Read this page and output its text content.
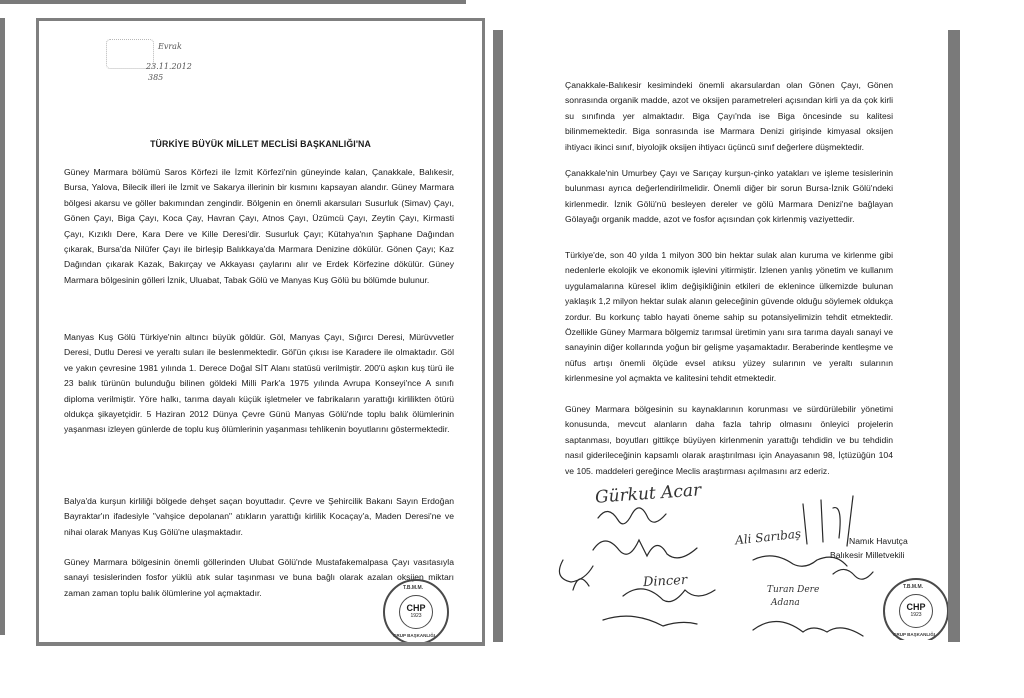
Evrak
23.11.2012
385
TÜRKİYE BÜYÜK MİLLET MECLİSİ BAŞKANLIĞI'NA

Güney Marmara bölümü Saros Körfezi ile İzmit Körfezi'nin güneyinde kalan, Çanakkale, Balıkesir, Bursa, Yalova, Bilecik illeri ile İzmit ve Sakarya illerinin bir kısmını kapsayan alandır. Güney Marmara bölgesi akarsu ve göller bakımından zengindir. Bölgenin en önemli akarsuları Susurluk (Simav) Çayı, Gönen Çayı, Biga Çayı, Koca Çay, Havran Çayı, Atnos Çayı, Üzümcü Çayı, Zeytin Çayı, Kirmasti Çayı, Kızıklı Dere, Kara Dere ve Kille Deresi'dir. Susurluk Çayı; Kütahya'nın Şaphane Dağından çıkarak, Bursa'da Nilüfer Çayı ile birleşip Balıkkaya'da Marmara Denizine dökülür. Gönen Çayı; Kaz Dağından çıkarak Kazak, Bakırçay ve Akkayası çaylarını alır ve Erdek Körfezine dökülür. Güney Marmara bölgesinin gölleri İznik, Uluabat, Tabak Gölü ve Manyas Kuş Gölü bu bölümde bulunur.

Manyas Kuş Gölü Türkiye'nin altıncı büyük göldür. Göl, Manyas Çayı, Sığırcı Deresi, Mürüvvetler Deresi, Dutlu Deresi ve yeraltı suları ile beslenmektedir. Göl'ün çıkısı ise Karadere ile olmaktadır. Göl ve yakın çevresine 1981 yılında 1. Derece Doğal SİT Alanı statüsü verilmiştir. 200'ü aşkın kuş türü ile 23 balık türünün bulunduğu bilinen göldeki Milli Park'a 1975 yılında Avrupa Konseyi'nce A sınıfı diploma verilmiştir. Yöre halkı, tarıma dayalı küçük işletmeler ve fabrikaların yarattığı kirlilikten ötürü oldukça şikayetçidir. 5 Haziran 2012 Dünya Çevre Günü Manyas Gölü'nde toplu balık ölümlerinin yaşanması izleyen günlerde de toplu kuş ölümlerinin yaşanması tehlikenin boyutlarını göstermektedir.

Balya'da kurşun kirliliği bölgede dehşet saçan boyuttadır. Çevre ve Şehircilik Bakanı Sayın Erdoğan Bayraktar'ın ifadesiyle "vahşice depolanan" atıkların yarattığı kirlilik Kocaçay'a, Maden Deresi'ne ve nihai olarak Manyas Kuş Gölü'ne ulaşmaktadır.

Güney Marmara bölgesinin önemli göllerinden Ulubat Gölü'nde Mustafakemalpasa Çayı vasıtasıyla sanayi tesislerinden fosfor yüklü atık sular taşınması ve buna bağlı olarak azalan oksijen miktarı zaman zaman toplu balık ölümlerine yol açmaktadır.	T.B.M.M.
GRUP BAŞKANLIĞI
CHP
1923

Çanakkale-Balıkesir kesimindeki önemli akarsulardan olan Gönen Çayı, Gönen sonrasında organik madde, azot ve oksijen parametreleri açısından kirli ya da çok kirli su sınıfında yer almaktadır. Biga Çayı'nda ise Biga öncesinde su kalitesi bilinmemektedir. Biga sonrasında ise Marmara Denizi girişinde kimyasal oksijen ihtiyacı ikinci sınıf, biyolojik oksijen ihtiyacı üçüncü sınıf değerlere düşmektedir.

Çanakkale'nin Umurbey Çayı ve Sarıçay kurşun-çinko yatakları ve işleme tesislerinin bulunması ayrıca değerlendirilmelidir. Önemli diğer bir sorun Bursa-İznik Gölü'ndeki kirlenmedir. İznik Gölü'nü besleyen dereler ve gölü Marmara Denizi'ne bağlayan Gölayağı organik madde, azot ve fosfor açısından çok kirlenmiş vaziyettedir.

Türkiye'de, son 40 yılda 1 milyon 300 bin hektar sulak alan kuruma ve kirlenme gibi nedenlerle ekolojik ve ekonomik işlevini yitirmiştir. İzlenen yanlış yönetim ve kullanım uygulamalarına küresel iklim değişikliğinin etkileri de eklenince ülkemizde bulunan yaklaşık 1,2 milyon hektar sulak alanın geleceğinin güvende olduğu söylemek oldukça zordur. Bu korkunç tablo hayati öneme sahip su potansiyelimizin tehdit etmektedir. Özellikle Güney Marmara bölgemiz tarımsal üretimin yanı sıra tarıma dayalı sanayi ve sanayinin diğer kollarında yoğun bir gelişme yaşamaktadır. Beraberinde kentleşme ve nüfus artışı önemli ölçüde evsel atıksu yüzey sularının ve yeraltı sularının kirlenmesine yol açmakta ve kalitesini tehdit etmektedir.

Güney Marmara bölgesinin su kaynaklarının korunması ve sürdürülebilir yönetimi konusunda, mevcut alanların daha fazla tahrip olmasını önleyici projelerin saptanması, boyutları gittikçe büyüyen kirlenmenin yarattığı tehdidin ve bu tehdidin nasıl giderileceğinin kapsamlı olarak araştırılması için Anayasanın 98, İçtüzüğün 104 ve 105. maddeleri gereğince Meclis araştırması açılmasını arz ederiz.

Namık Havutça
Balıkesir Milletvekili
Gürkut Acar
Ali Sarıbaş
Turan Dere
Adana
Dincer	T.B.M.M.
GRUP BAŞKANLIĞI
CHP
1923
